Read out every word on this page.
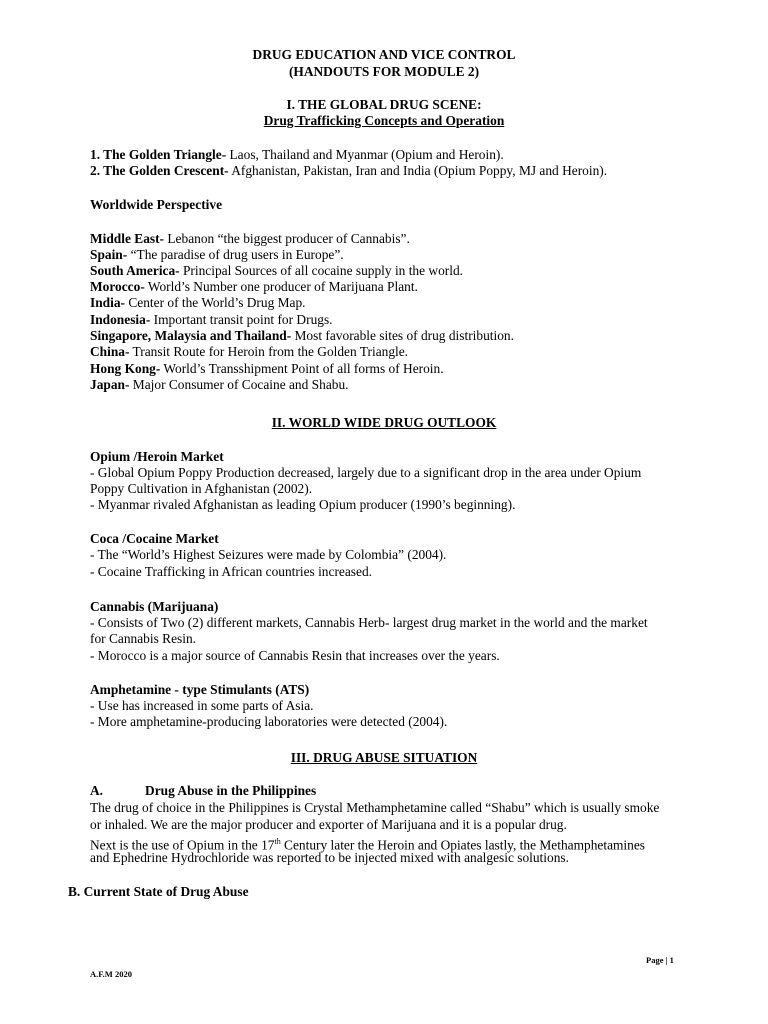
DRUG EDUCATION AND VICE CONTROL
(HANDOUTS FOR MODULE 2)
I. THE GLOBAL DRUG SCENE:
Drug Trafficking Concepts and Operation
1. The Golden Triangle- Laos, Thailand and Myanmar (Opium and Heroin).
2. The Golden Crescent- Afghanistan, Pakistan, Iran and India (Opium Poppy, MJ and Heroin).
Worldwide Perspective
Middle East- Lebanon “the biggest producer of Cannabis”.
Spain- “The paradise of drug users in Europe”.
South America- Principal Sources of all cocaine supply in the world.
Morocco- World’s Number one producer of Marijuana Plant.
India- Center of the World’s Drug Map.
Indonesia- Important transit point for Drugs.
Singapore, Malaysia and Thailand- Most favorable sites of drug distribution.
China- Transit Route for Heroin from the Golden Triangle.
Hong Kong- World’s Transshipment Point of all forms of Heroin.
Japan- Major Consumer of Cocaine and Shabu.
II. WORLD WIDE DRUG OUTLOOK
Opium /Heroin Market
- Global Opium Poppy Production decreased, largely due to a significant drop in the area under Opium
Poppy Cultivation in Afghanistan (2002).
- Myanmar rivaled Afghanistan as leading Opium producer (1990’s beginning).
Coca /Cocaine Market
- The “World’s Highest Seizures were made by Colombia” (2004).
- Cocaine Trafficking in African countries increased.
Cannabis (Marijuana)
- Consists of Two (2) different markets, Cannabis Herb- largest drug market in the world and the market
for Cannabis Resin.
- Morocco is a major source of Cannabis Resin that increases over the years.
Amphetamine - type Stimulants (ATS)
- Use has increased in some parts of Asia.
- More amphetamine-producing laboratories were detected (2004).
III. DRUG ABUSE SITUATION
A.	Drug Abuse in the Philippines
The drug of choice in the Philippines is Crystal Methamphetamine called “Shabu” which is usually smoke
or inhaled. We are the major producer and exporter of Marijuana and it is a popular drug.
Next is the use of Opium in the 17th Century later the Heroin and Opiates lastly, the Methamphetamines
and Ephedrine Hydrochloride was reported to be injected mixed with analgesic solutions.
B. Current State of Drug Abuse
Page | 1
A.F.M 2020
